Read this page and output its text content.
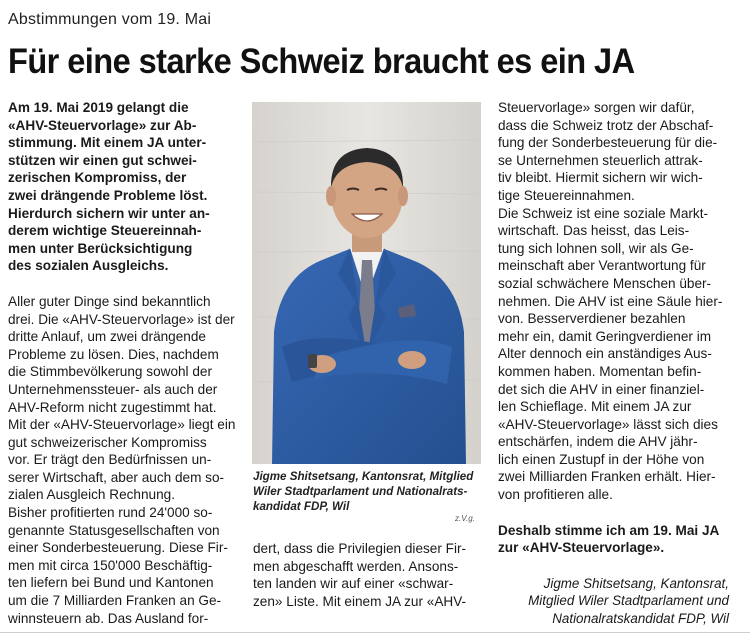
Abstimmungen vom 19. Mai
Für eine starke Schweiz braucht es ein JA

Am 19. Mai 2019 gelangt die
«AHV-Steuervorlage» zur Ab-
stimmung. Mit einem JA unter-
stützen wir einen gut schwei-
zerischen Kompromiss, der
zwei drängende Probleme löst.
Hierdurch sichern wir unter an-
derem wichtige Steuereinnah-
men unter Berücksichtigung
des sozialen Ausgleichs.

Aller guter Dinge sind bekanntlich
drei. Die «AHV-Steuervorlage» ist der
dritte Anlauf, um zwei drängende
Probleme zu lösen. Dies, nachdem
die Stimmbevölkerung sowohl der
Unternehmenssteuer- als auch der
AHV-Reform nicht zugestimmt hat.
Mit der «AHV-Steuervorlage» liegt ein
gut schweizerischer Kompromiss
vor. Er trägt den Bedürfnissen un-
serer Wirtschaft, aber auch dem so-
zialen Ausgleich Rechnung.

Bisher profitierten rund 24'000 so-
genannte Statusgesellschaften von
einer Sonderbesteuerung. Diese Fir-
men mit circa 150'000 Beschäftig-
ten liefern bei Bund und Kantonen
um die 7 Milliarden Franken an Ge-
winnsteuern ab. Das Ausland for-

Jigme Shitsetsang, Kantonsrat, Mitglied
Wiler Stadtparlament und Nationalrats-
kandidat FDP, Wil
z.V.g.

dert, dass die Privilegien dieser Fir-
men abgeschafft werden. Ansons-
ten landen wir auf einer «schwar-
zen» Liste. Mit einem JA zur «AHV-

Steuervorlage» sorgen wir dafür,
dass die Schweiz trotz der Abschaf-
fung der Sonderbesteuerung für die-
se Unternehmen steuerlich attrak-
tiv bleibt. Hiermit sichern wir wich-
tige Steuereinnahmen.

Die Schweiz ist eine soziale Markt-
wirtschaft. Das heisst, das Leis-
tung sich lohnen soll, wir als Ge-
meinschaft aber Verantwortung für
sozial schwächere Menschen über-
nehmen. Die AHV ist eine Säule hier-
von. Besserverdiener bezahlen
mehr ein, damit Geringverdiener im
Alter dennoch ein anständiges Aus-
kommen haben. Momentan befin-
det sich die AHV in einer finanziel-
len Schieflage. Mit einem JA zur
«AHV-Steuervorlage» lässt sich dies
entschärfen, indem die AHV jähr-
lich einen Zustupf in der Höhe von
zwei Milliarden Franken erhält. Hier-
von profitieren alle.

Deshalb stimme ich am 19. Mai JA
zur «AHV-Steuervorlage».

Jigme Shitsetsang, Kantonsrat,
Mitglied Wiler Stadtparlament und
Nationalratskandidat FDP, Wil
